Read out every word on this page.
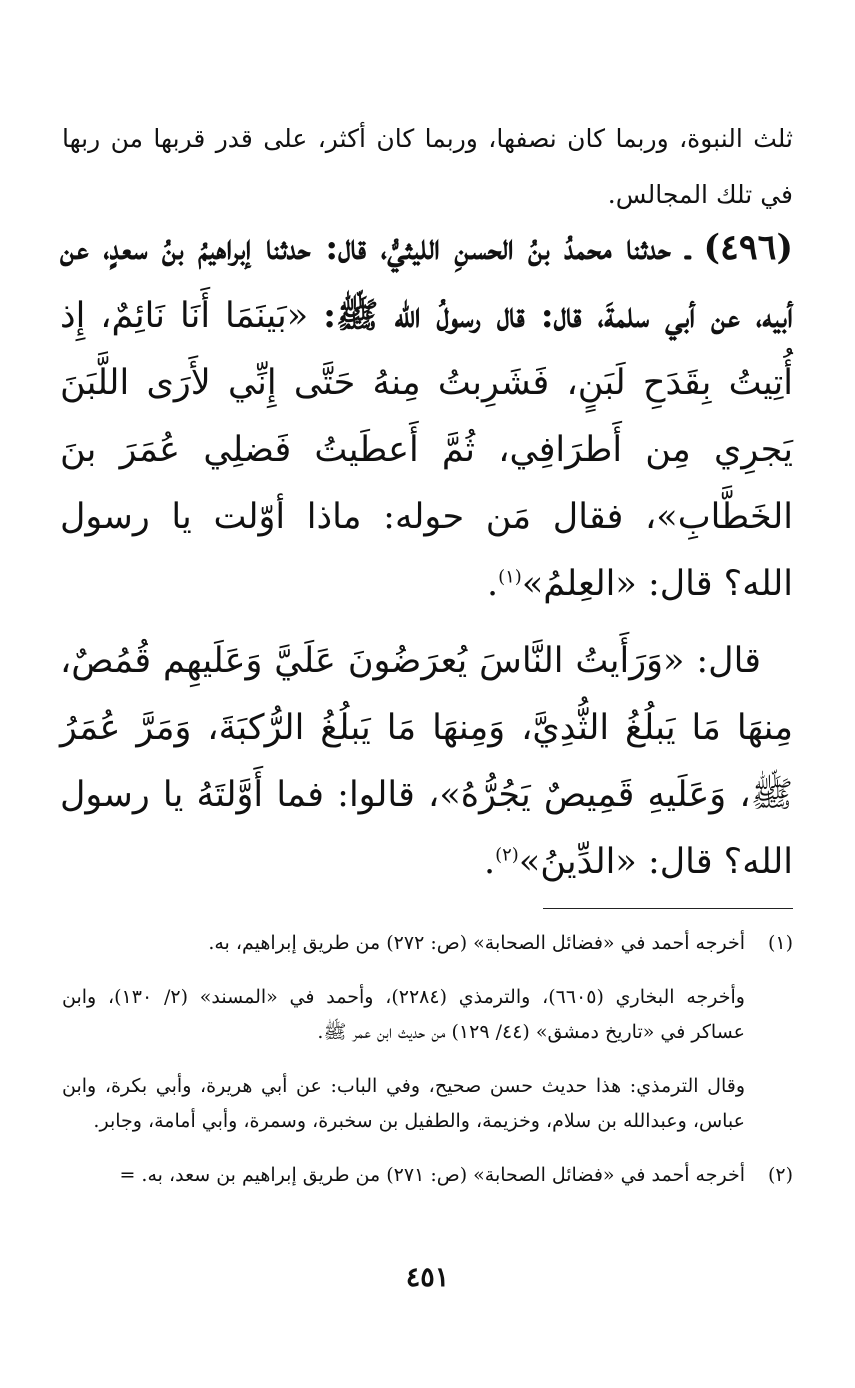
ثلث النبوة، وربما كان نصفها، وربما كان أكثر، على قدر قربها من ربها في تلك المجالس.

(٤٩٦) ـ حدثنا محمدُ بنُ الحسنِ الليثيُّ، قال: حدثنا إبراهيمُ بنُ سعدٍ، عن أبيه، عن أبي سلمةَ، قال: قال رسولُ الله ﷺ: «بَينَمَا أَنَا نَائِمٌ، إِذ أُتِيتُ بِقَدَحِ لَبَنٍ، فَشَرِبتُ مِنهُ حَتَّى إِنِّي لأَرَى اللَّبَنَ يَجرِي مِن أَطرَافِي، ثُمَّ أَعطَيتُ فَضلِي عُمَرَ بنَ الخَطَّابِ»، فقال مَن حوله: ماذا أوّلت يا رسول الله؟ قال: «العِلمُ»$^{(١)}$.

قال: «وَرَأَيتُ النَّاسَ يُعرَضُونَ عَلَيَّ وَعَلَيهِم قُمُصٌ، مِنهَا مَا يَبلُغُ الثُّدِيَّ، وَمِنهَا مَا يَبلُغُ الرُّكبَةَ، وَمَرَّ عُمَرُ ﷺ، وَعَلَيهِ قَمِيصٌ يَجُرُّهُ»، قالوا: فما أَوَّلتَهُ يا رسول الله؟ قال: «الدِّينُ»$^{(٢)}$.

(١)
أخرجه أحمد في «فضائل الصحابة» (ص: ٢٧٢) من طريق إبراهيم، به.

وأخرجه البخاري (٦٦٠٥)، والترمذي (٢٢٨٤)، وأحمد في «المسند» (٢/ ١٣٠)، وابن عساكر في «تاريخ دمشق» (٤٤/ ١٢٩) من حديث ابن عمر ﷺ.

وقال الترمذي: هذا حديث حسن صحيح، وفي الباب: عن أبي هريرة، وأبي بكرة، وابن عباس، وعبدالله بن سلام، وخزيمة، والطفيل بن سخبرة، وسمرة، وأبي أمامة، وجابر.

(٢)
أخرجه أحمد في «فضائل الصحابة» (ص: ٢٧١) من طريق إبراهيم بن سعد، به. =
٤٥١
